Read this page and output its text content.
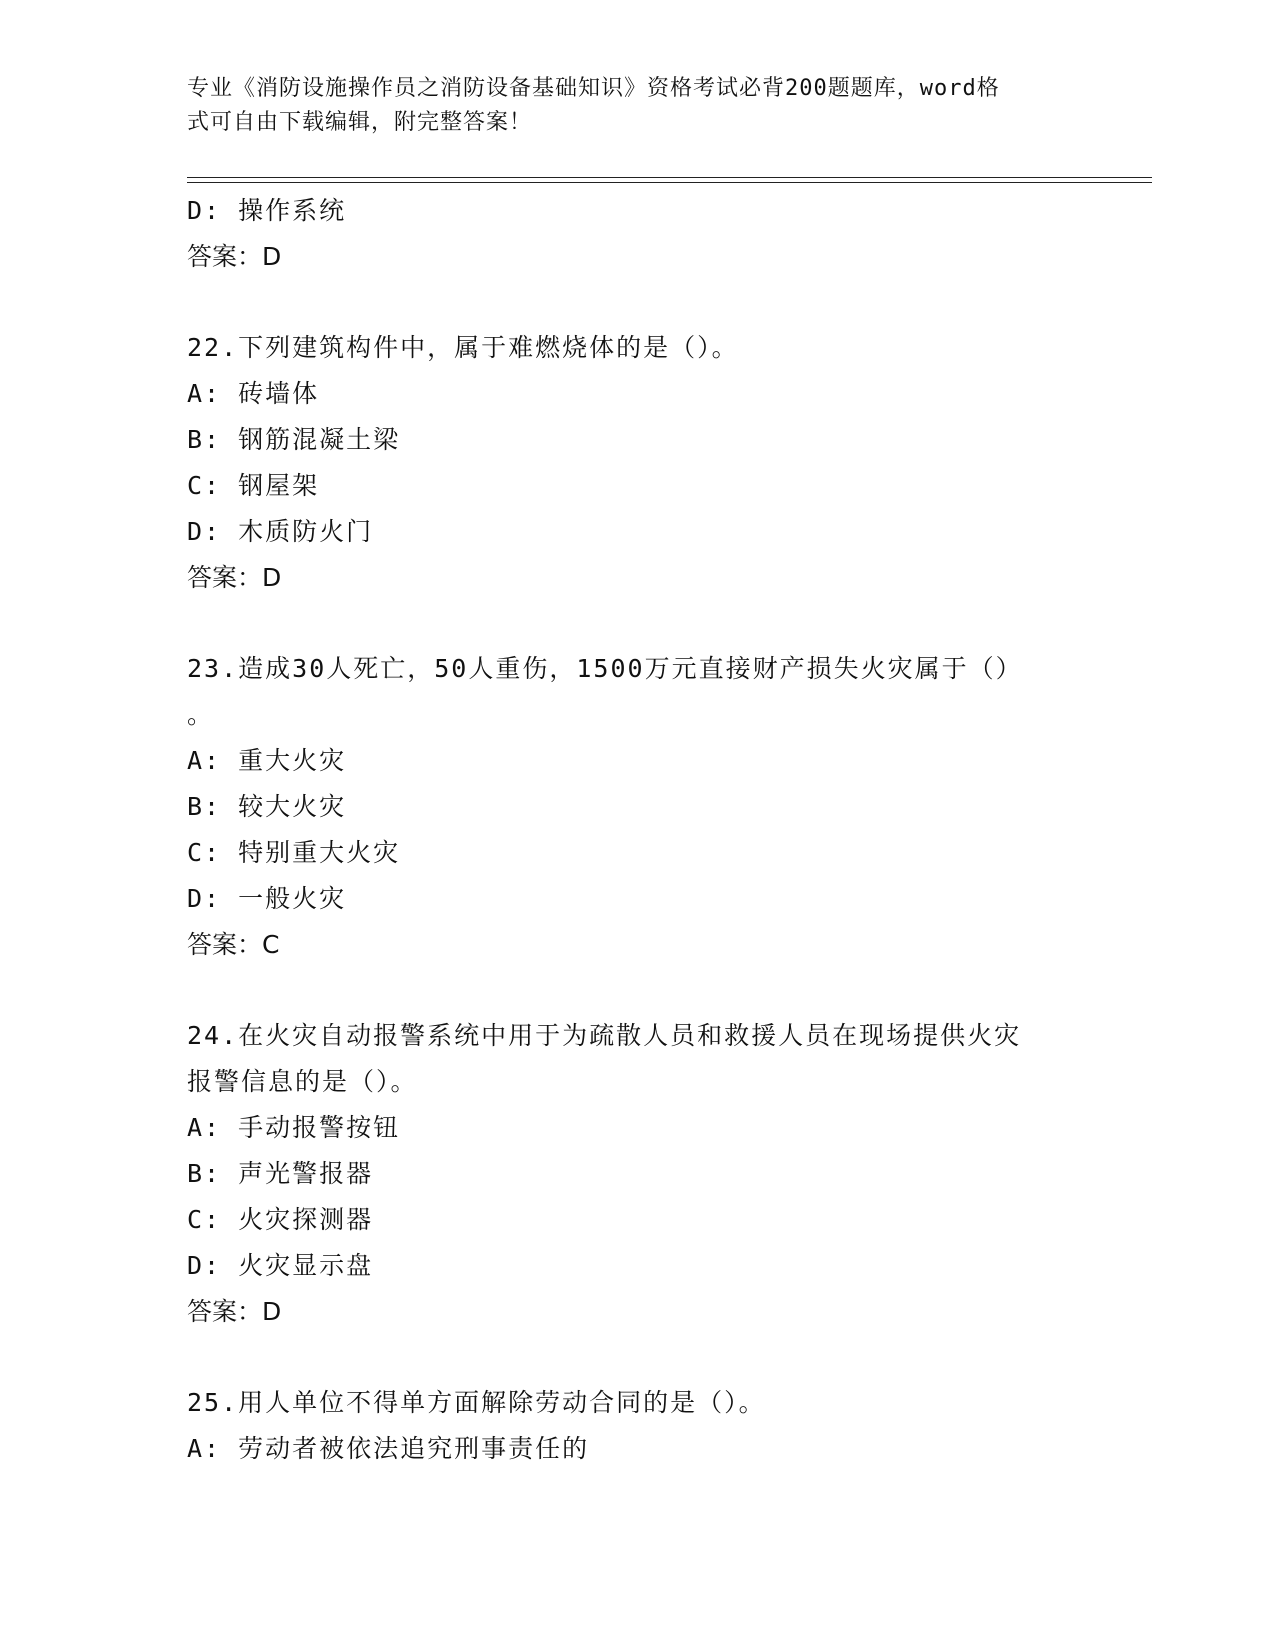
专业《消防设施操作员之消防设备基础知识》资格考试必背200题题库，word格
式可自由下载编辑，附完整答案！
D: 操作系统
答案：D
22.下列建筑构件中，属于难燃烧体的是（）。
A: 砖墙体
B: 钢筋混凝土梁
C: 钢屋架
D: 木质防火门
答案：D
23.造成30人死亡，50人重伤，1500万元直接财产损失火灾属于（）
。
A: 重大火灾
B: 较大火灾
C: 特别重大火灾
D: 一般火灾
答案：C
24.在火灾自动报警系统中用于为疏散人员和救援人员在现场提供火灾
报警信息的是（）。
A: 手动报警按钮
B: 声光警报器
C: 火灾探测器
D: 火灾显示盘
答案：D
25.用人单位不得单方面解除劳动合同的是（）。
A: 劳动者被依法追究刑事责任的
